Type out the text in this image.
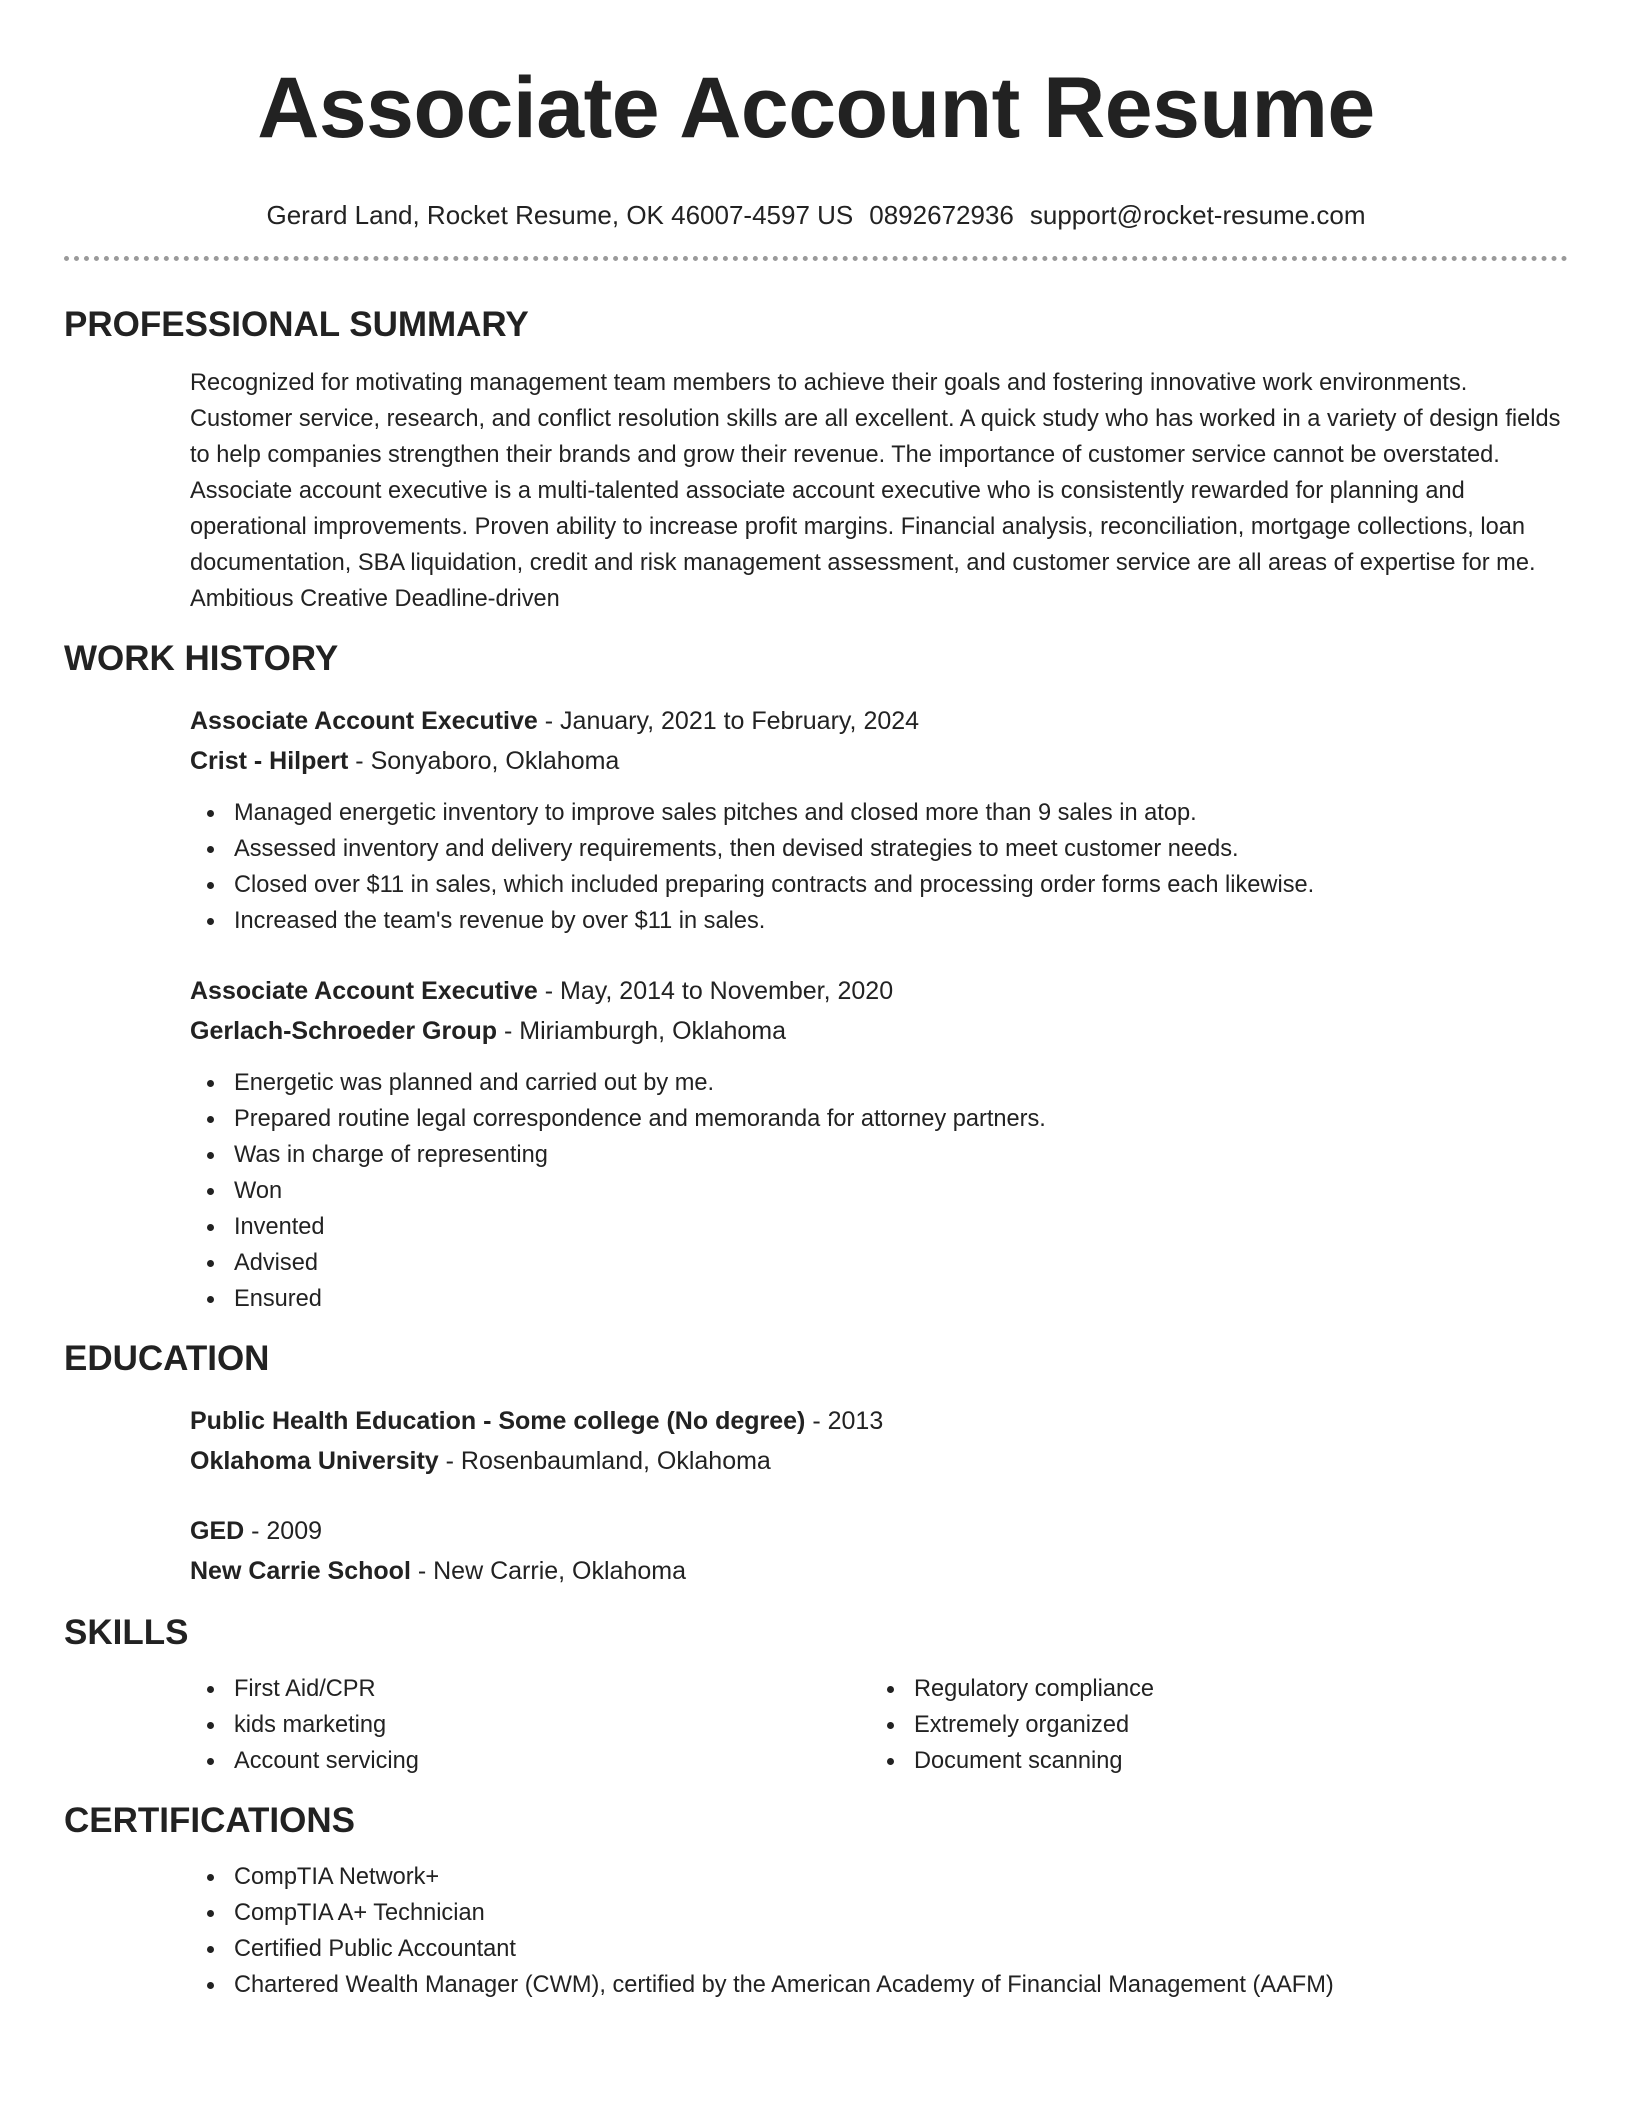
Associate Account Resume
Gerard Land, Rocket Resume, OK 46007-4597 US 0892672936 support@rocket-resume.com
PROFESSIONAL SUMMARY

Recognized for motivating management team members to achieve their goals and fostering innovative work environments. Customer service, research, and conflict resolution skills are all excellent. A quick study who has worked in a variety of design fields to help companies strengthen their brands and grow their revenue. The importance of customer service cannot be overstated. Associate account executive is a multi-talented associate account executive who is consistently rewarded for planning and operational improvements. Proven ability to increase profit margins. Financial analysis, reconciliation, mortgage collections, loan documentation, SBA liquidation, credit and risk management assessment, and customer service are all areas of expertise for me. Ambitious Creative Deadline-driven

WORK HISTORY
Associate Account Executive - January, 2021 to February, 2024
Crist - Hilpert - Sonyaboro, Oklahoma
Managed energetic inventory to improve sales pitches and closed more than 9 sales in atop.
Assessed inventory and delivery requirements, then devised strategies to meet customer needs.
Closed over $11 in sales, which included preparing contracts and processing order forms each likewise.
Increased the team's revenue by over $11 in sales.
Associate Account Executive - May, 2014 to November, 2020
Gerlach-Schroeder Group - Miriamburgh, Oklahoma
Energetic was planned and carried out by me.
Prepared routine legal correspondence and memoranda for attorney partners.
Was in charge of representing
Won
Invented
Advised
Ensured
EDUCATION
Public Health Education - Some college (No degree) - 2013
Oklahoma University - Rosenbaumland, Oklahoma
GED - 2009
New Carrie School - New Carrie, Oklahoma
SKILLS
First Aid/CPR
kids marketing
Account servicing
Regulatory compliance
Extremely organized
Document scanning
CERTIFICATIONS
CompTIA Network+
CompTIA A+ Technician
Certified Public Accountant
Chartered Wealth Manager (CWM), certified by the American Academy of Financial Management (AAFM)
